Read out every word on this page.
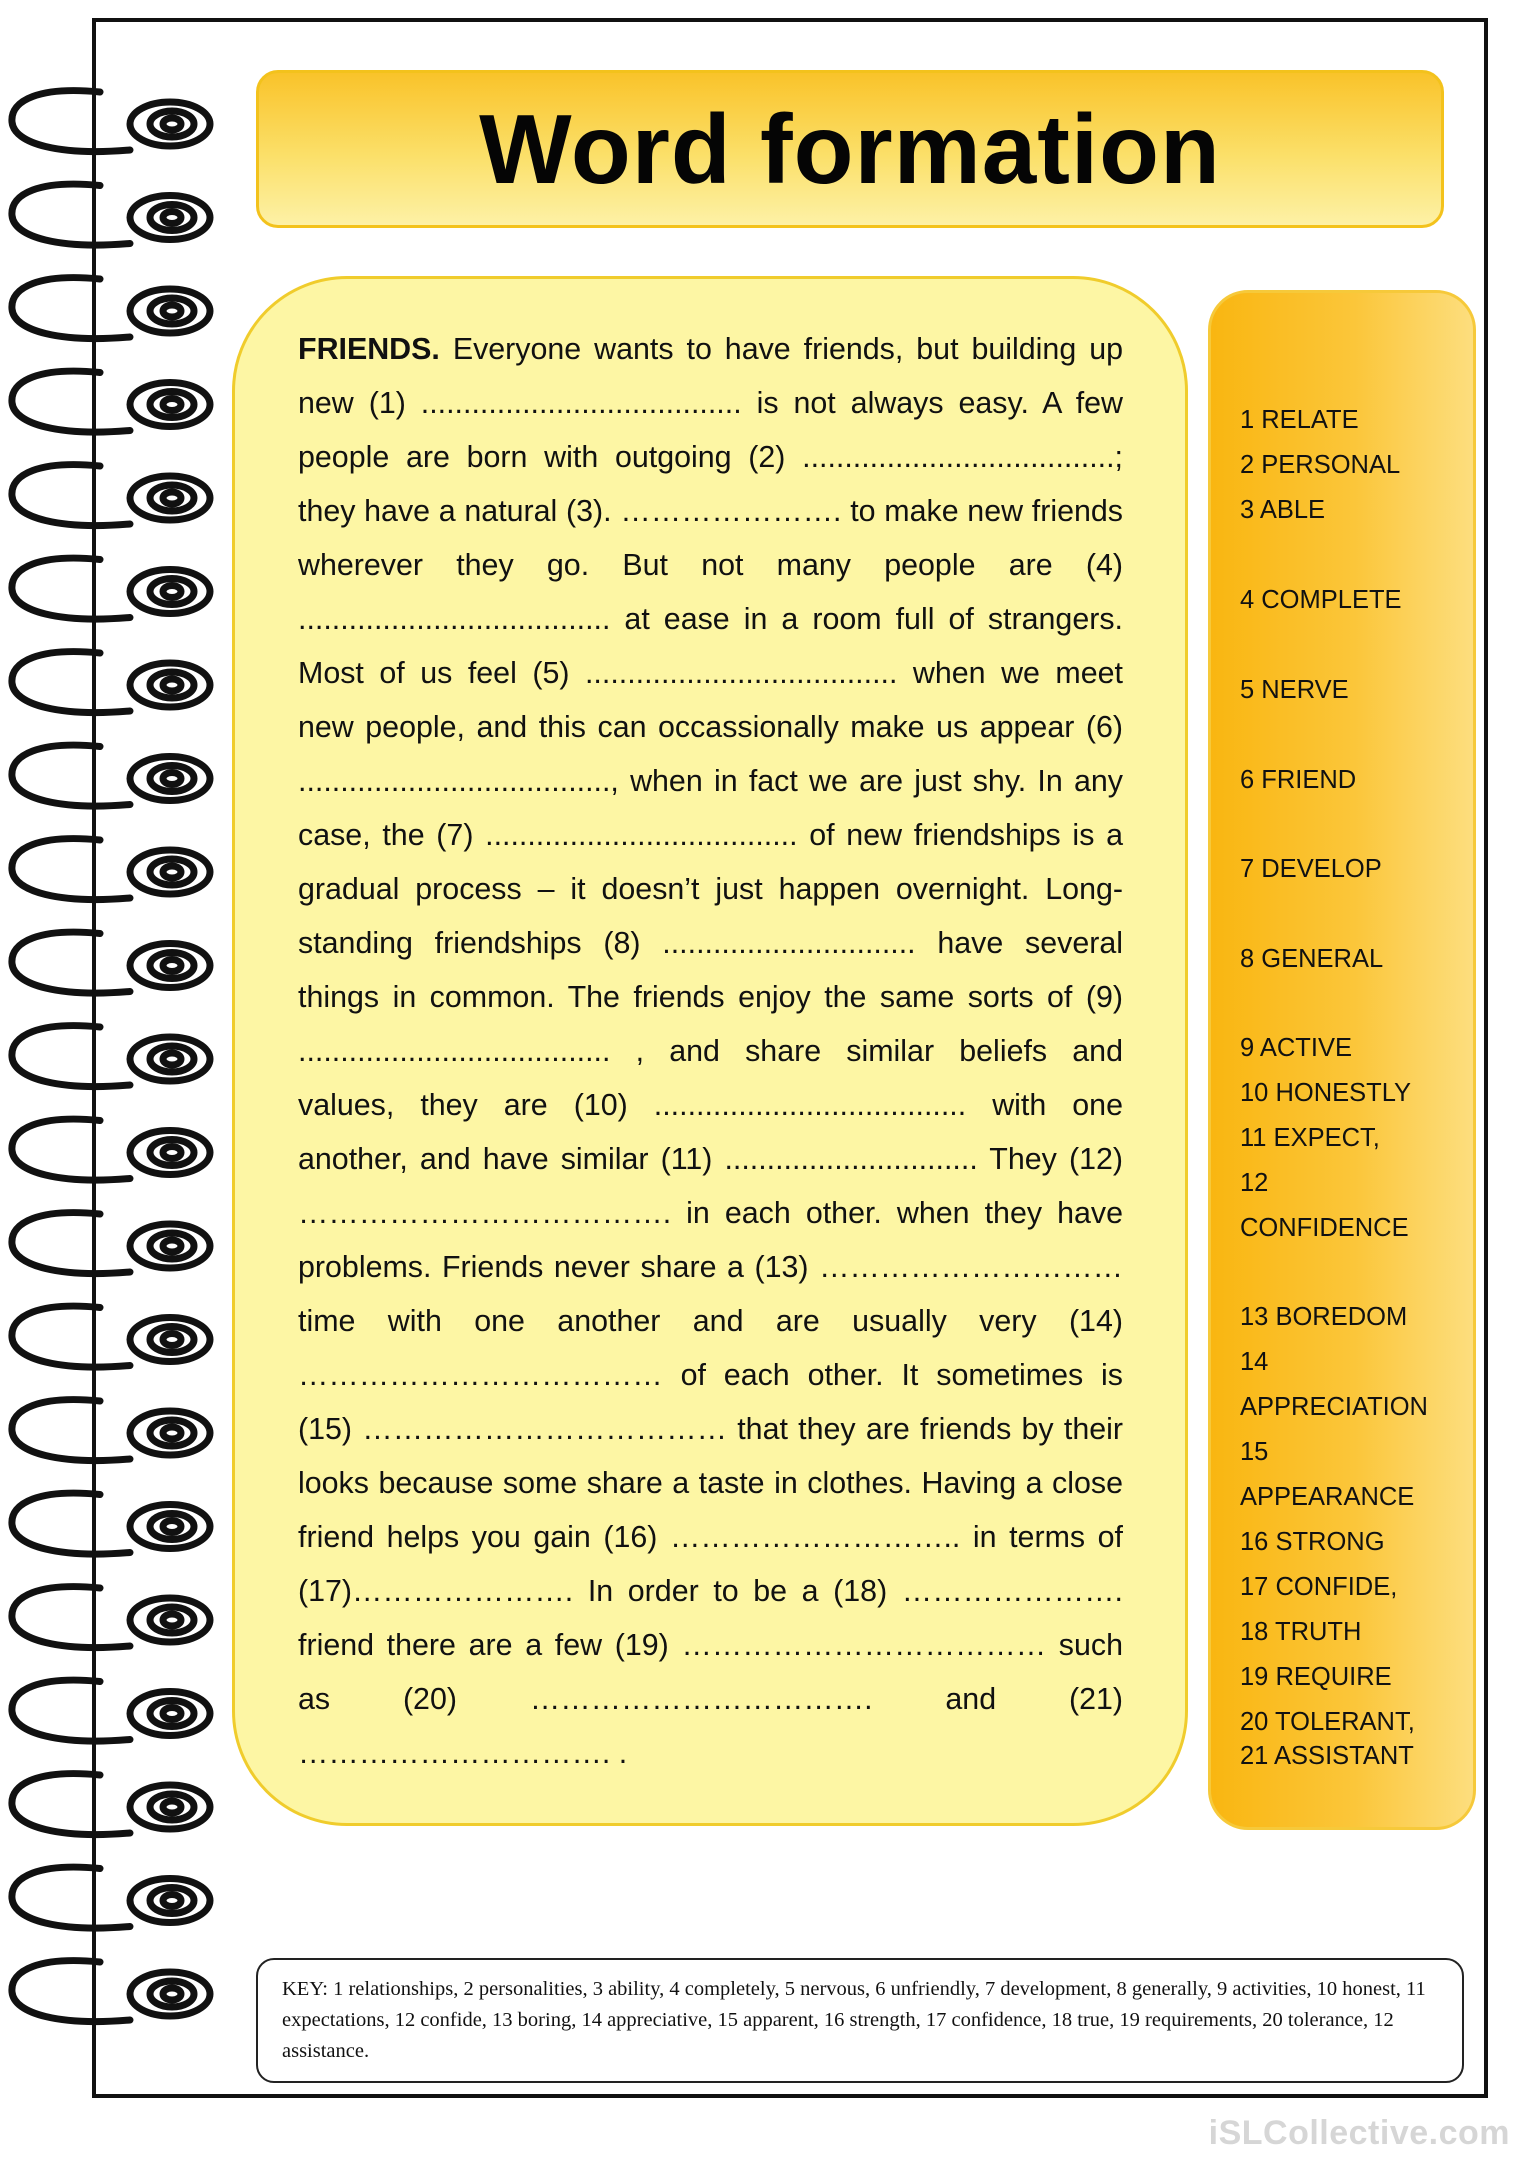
Word formation

FRIENDS. Everyone wants to have friends, but building up new (1) ...................................... is not always easy. A few people are born with outgoing (2) .....................................; they have a natural (3). …………………. to make new friends wherever they go. But not many people are (4) ..................................... at ease in a room full of strangers. Most of us feel (5) ..................................... when we meet new people, and this can occassionally make us appear (6) ....................................., when in fact we are just shy. In any case, the (7) ..................................... of new friendships is a gradual process – it doesn’t just happen overnight. Long-standing friendships (8) .............................. have several things in common. The friends enjoy the same sorts of (9) ..................................... , and share similar beliefs and values, they are (10) ..................................... with one another, and have similar (11) .............................. They (12) ………………………………. in each other. when they have problems. Friends never share a (13) ………………………… time with one another and are usually very (14) ……………………………… of each other. It sometimes is (15) ……………………………… that they are friends by their looks because some share a taste in clothes. Having a close friend helps you gain (16) ……………………….. in terms of (17)…………………. In order to be a (18) …………………. friend there are a few (19) ……………………………… such as (20) ……………………………. and (21) …………………………. .

1 RELATE
2 PERSONAL
3 ABLE
4 COMPLETE
5 NERVE
6 FRIEND
7 DEVELOP
8 GENERAL
9 ACTIVE
10 HONESTLY
11 EXPECT,
12
CONFIDENCE
13 BOREDOM
14
APPRECIATION
15
APPEARANCE
16 STRONG
17 CONFIDE,
18 TRUTH
19 REQUIRE
20 TOLERANT,
21 ASSISTANT
KEY: 1 relationships, 2 personalities, 3 ability, 4 completely, 5 nervous, 6 unfriendly, 7 development, 8 generally, 9 activities, 10 honest, 11 expectations, 12 confide, 13 boring, 14 appreciative, 15 apparent, 16 strength, 17 confidence, 18 true, 19 requirements, 20 tolerance, 12 assistance.
iSLCollective.com
